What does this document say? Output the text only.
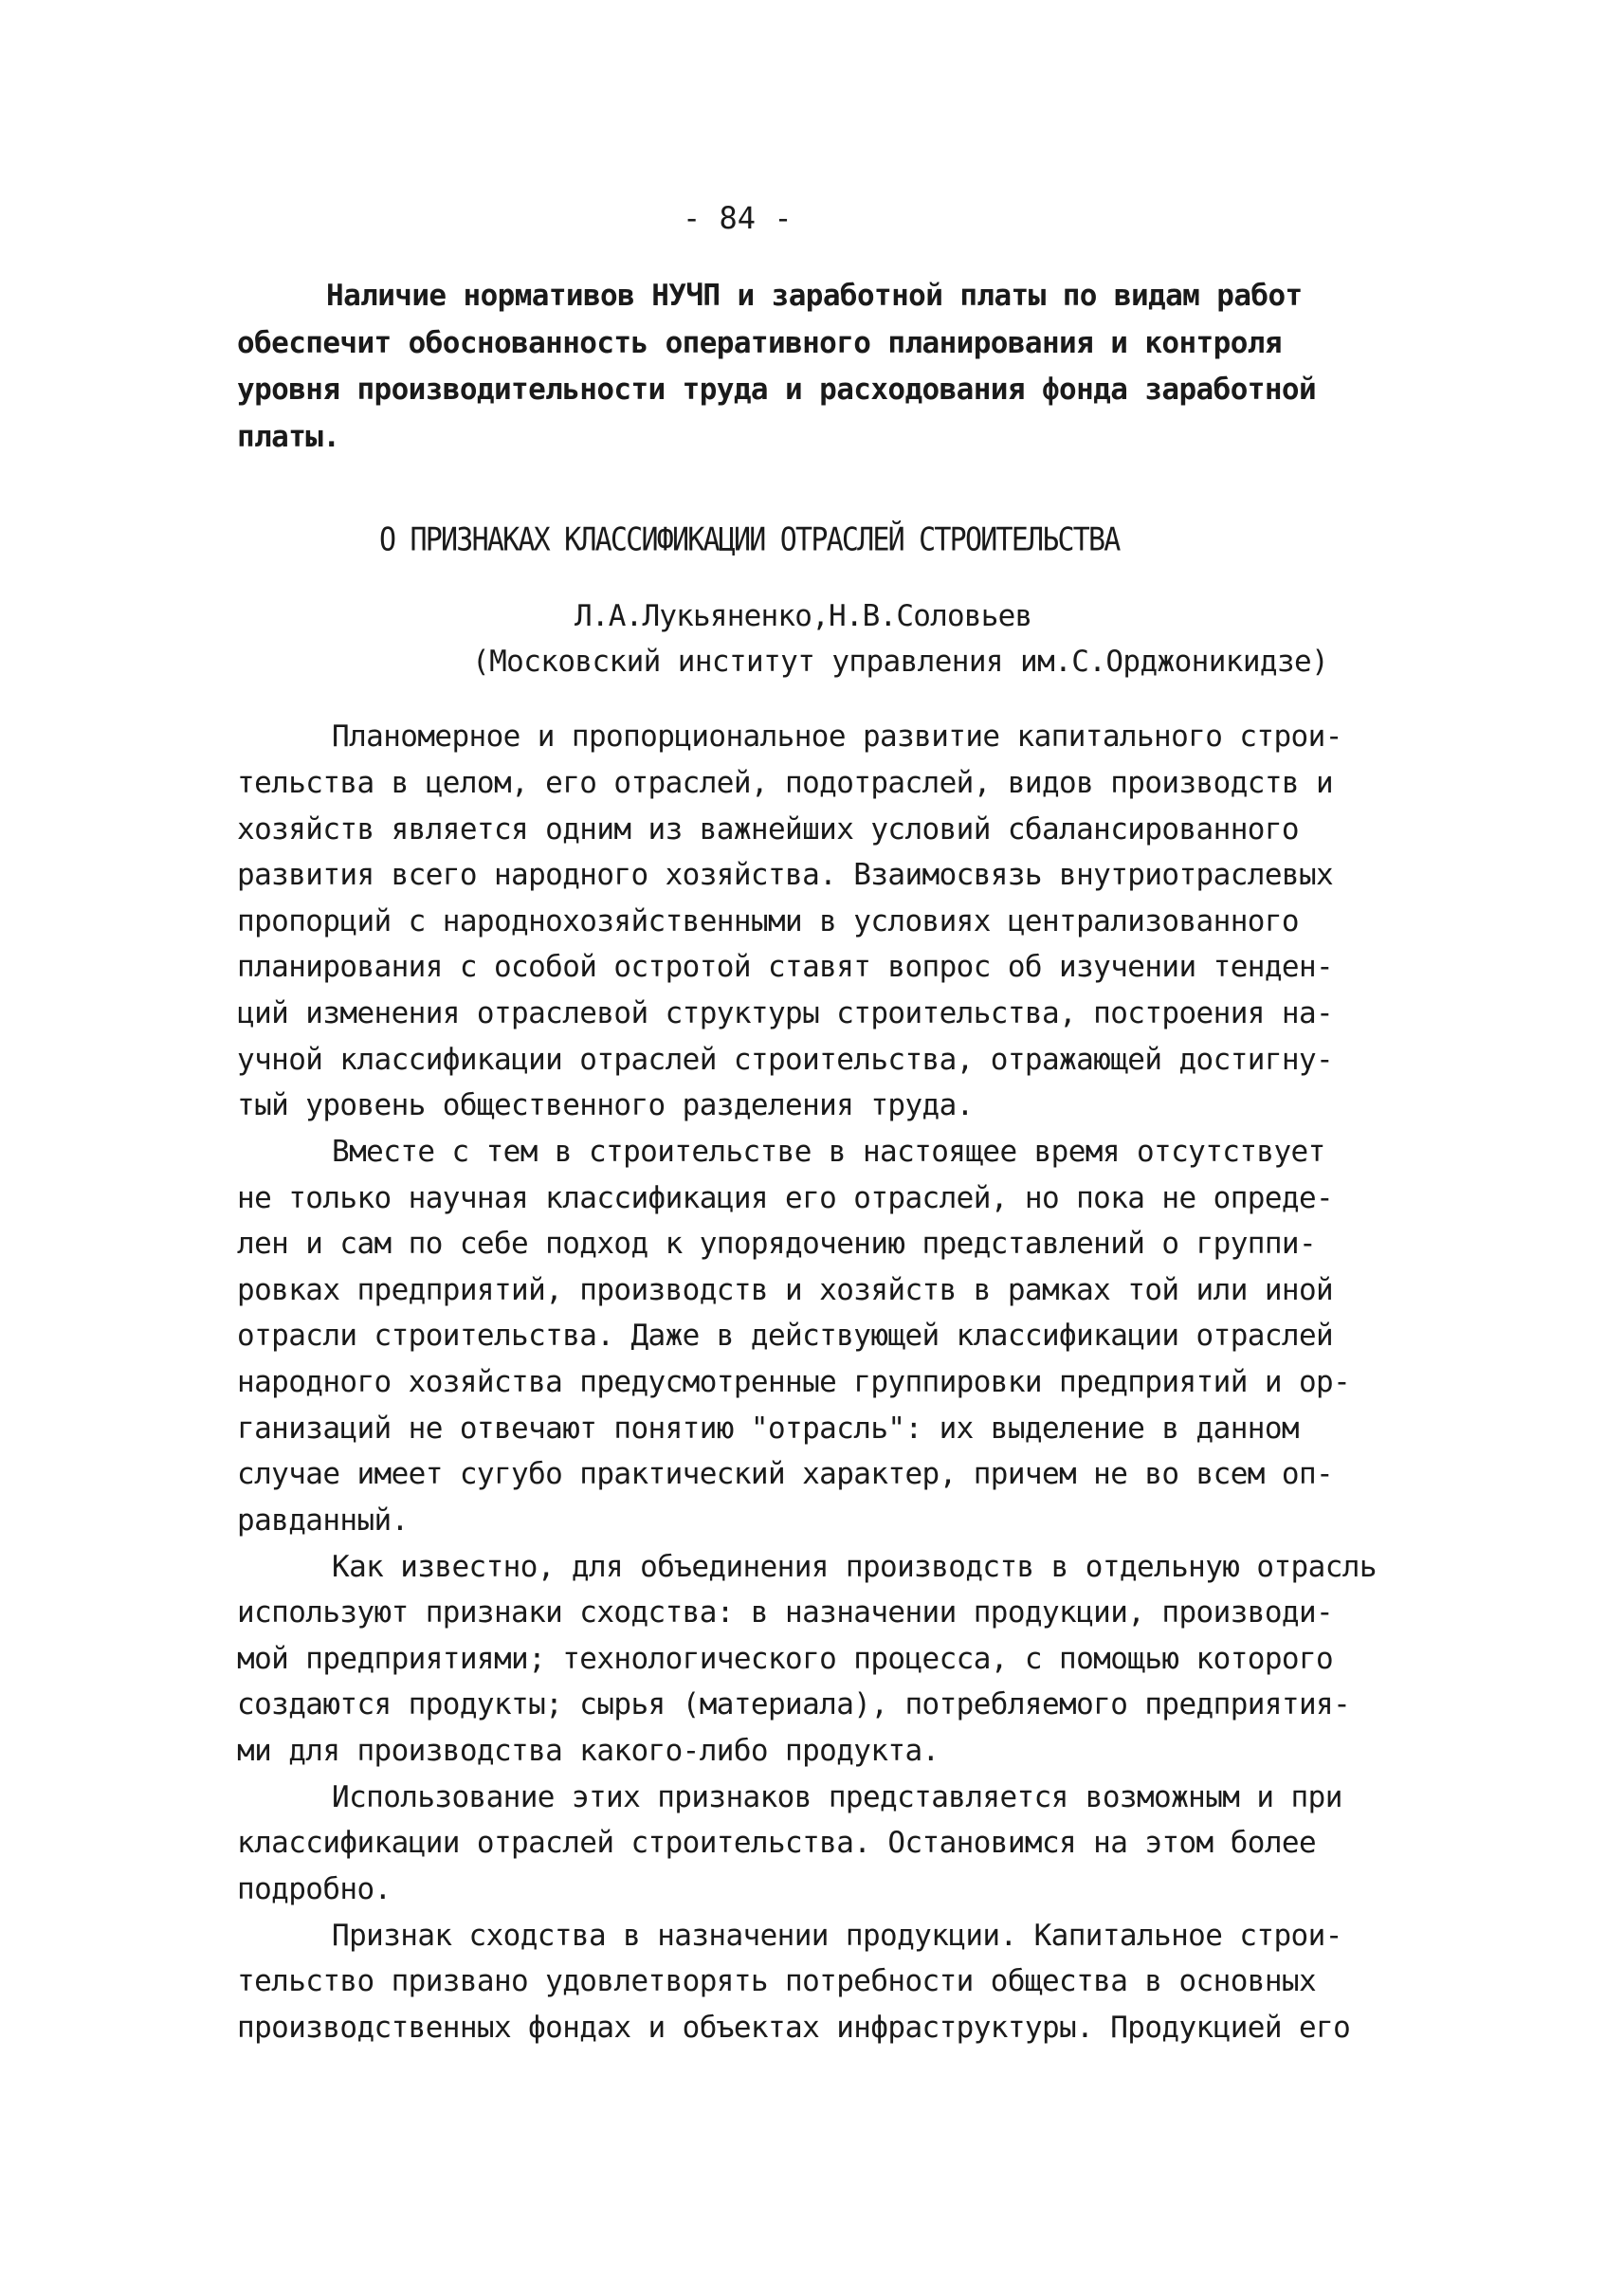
- 84 -
Наличие нормативов НУЧП и заработной платы по видам работ
обеспечит обоснованность оперативного планирования и контроля
уровня производительности труда и расходования фонда заработной
платы.
О ПРИЗНАКАХ КЛАССИФИКАЦИИ ОТРАСЛЕЙ СТРОИТЕЛЬСТВА
Л.А.Лукьяненко,Н.В.Соловьев
(Московский институт управления им.С.Орджоникидзе)
Планомерное и пропорциональное развитие капитального строи-
тельства в целом, его отраслей, подотраслей, видов производств и
хозяйств является одним из важнейших условий сбалансированного
развития всего народного хозяйства. Взаимосвязь внутриотраслевых
пропорций с народнохозяйственными в условиях централизованного
планирования с особой остротой ставят вопрос об изучении тенден-
ций изменения отраслевой структуры строительства, построения на-
учной классификации отраслей строительства, отражающей достигну-
тый уровень общественного разделения труда.
Вместе с тем в строительстве в настоящее время отсутствует
не только научная классификация его отраслей, но пока не опреде-
лен и сам по себе подход к упорядочению представлений о группи-
ровках предприятий, производств и хозяйств в рамках той или иной
отрасли строительства. Даже в действующей классификации отраслей
народного хозяйства предусмотренные группировки предприятий и ор-
ганизаций не отвечают понятию "отрасль": их выделение в данном
случае имеет сугубо практический характер, причем не во всем оп-
равданный.
Как известно, для объединения производств в отдельную отрасль
используют признаки сходства: в назначении продукции, производи-
мой предприятиями; технологического процесса, с помощью которого
создаются продукты; сырья (материала), потребляемого предприятия-
ми для производства какого-либо продукта.
Использование этих признаков представляется возможным и при
классификации отраслей строительства. Остановимся на этом более
подробно.
Признак сходства в назначении продукции. Капитальное строи-
тельство призвано удовлетворять потребности общества в основных
производственных фондах и объектах инфраструктуры. Продукцией его
